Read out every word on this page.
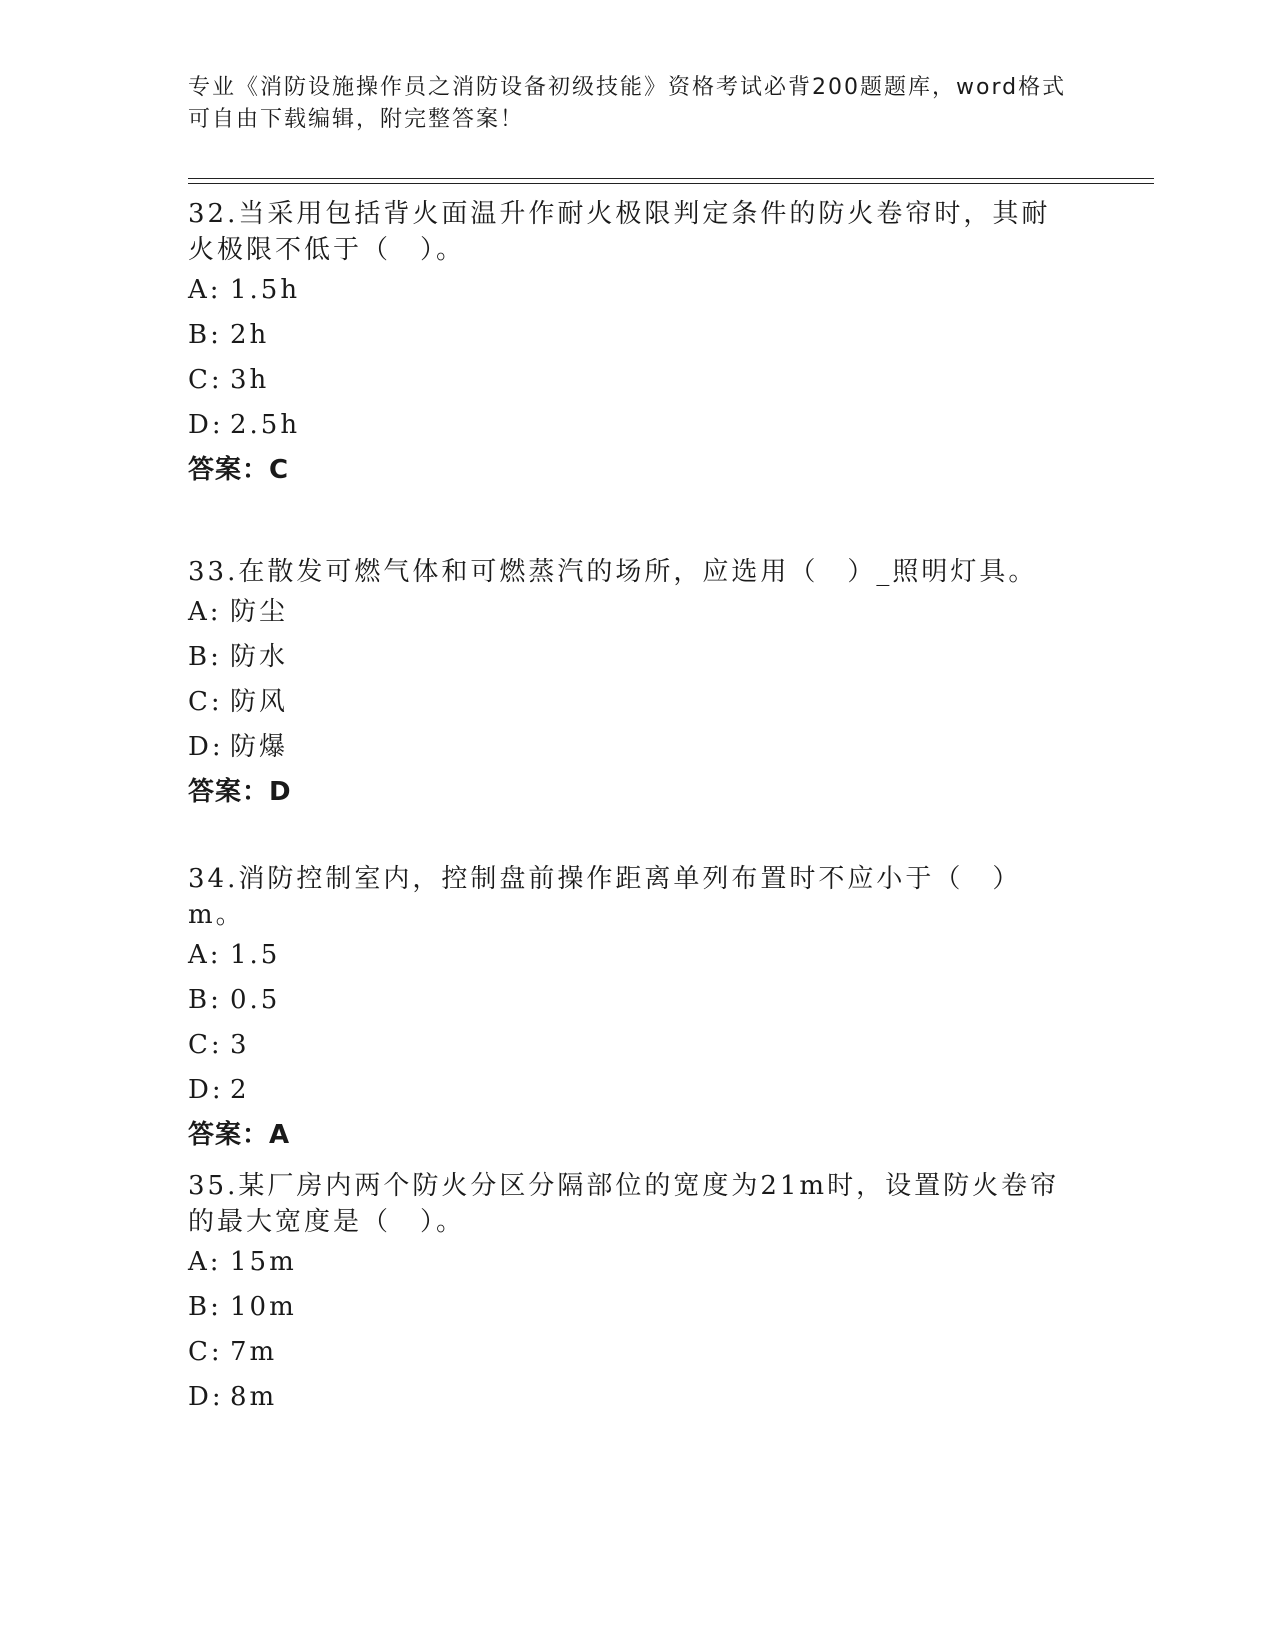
专业《消防设施操作员之消防设备初级技能》资格考试必背200题题库，word格式可自由下载编辑，附完整答案！
32.当采用包括背火面温升作耐火极限判定条件的防火卷帘时，其耐火极限不低于（　）。
A: 1.5h
B: 2h
C: 3h
D: 2.5h
答案：C
33.在散发可燃气体和可燃蒸汽的场所，应选用（　）_照明灯具。
A: 防尘
B: 防水
C: 防风
D: 防爆
答案：D
34.消防控制室内，控制盘前操作距离单列布置时不应小于（　）m。
A: 1.5
B: 0.5
C: 3
D: 2
答案：A
35.某厂房内两个防火分区分隔部位的宽度为21m时，设置防火卷帘的最大宽度是（　）。
A: 15m
B: 10m
C: 7m
D: 8m
